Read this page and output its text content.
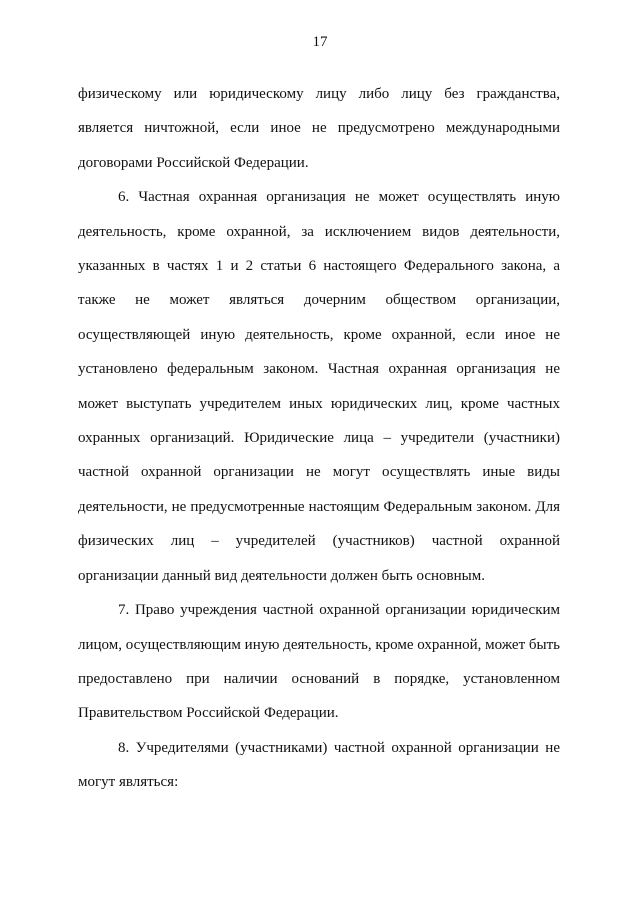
17

физическому или юридическому лицу либо лицу без гражданства, является ничтожной, если иное не предусмотрено международными договорами Российской Федерации.

6. Частная охранная организация не может осуществлять иную деятельность, кроме охранной, за исключением видов деятельности, указанных в частях 1 и 2 статьи 6 настоящего Федерального закона, а также не может являться дочерним обществом организации, осуществляющей иную деятельность, кроме охранной, если иное не установлено федеральным законом. Частная охранная организация не может выступать учредителем иных юридических лиц, кроме частных охранных организаций. Юридические лица – учредители (участники) частной охранной организации не могут осуществлять иные виды деятельности, не предусмотренные настоящим Федеральным законом. Для физических лиц – учредителей (участников) частной охранной организации данный вид деятельности должен быть основным.

7. Право учреждения частной охранной организации юридическим лицом, осуществляющим иную деятельность, кроме охранной, может быть предоставлено при наличии оснований в порядке, установленном Правительством Российской Федерации.

8. Учредителями (участниками) частной охранной организации не могут являться:
